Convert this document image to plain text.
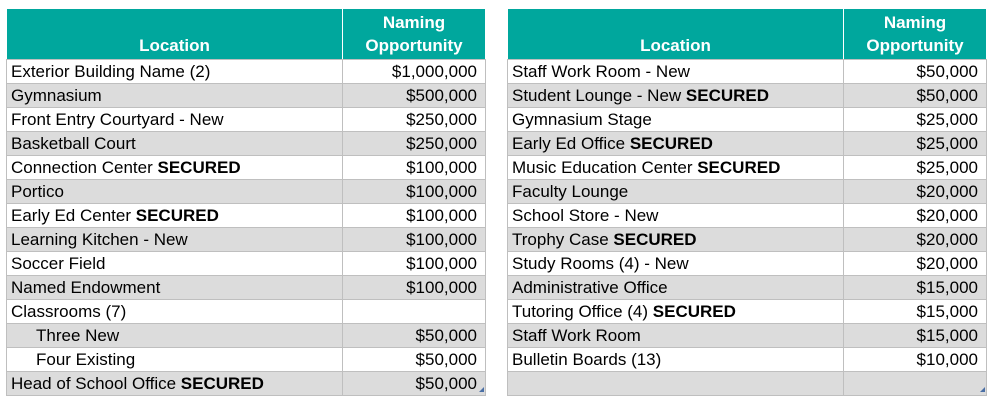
Location	Naming
Opportunity
Exterior Building Name (2)	$1,000,000
Gymnasium	$500,000
Front Entry Courtyard - New	$250,000
Basketball Court	$250,000
Connection Center SECURED	$100,000
Portico	$100,000
Early Ed Center SECURED	$100,000
Learning Kitchen - New	$100,000
Soccer Field	$100,000
Named Endowment	$100,000
Classrooms (7)	
Three New	$50,000
Four Existing	$50,000
Head of School Office SECURED	$50,000
Location	Naming
Opportunity
Staff Work Room - New	$50,000
Student Lounge - New SECURED	$50,000
Gymnasium Stage	$25,000
Early Ed Office SECURED	$25,000
Music Education Center SECURED	$25,000
Faculty Lounge	$20,000
School Store - New	$20,000
Trophy Case SECURED	$20,000
Study Rooms (4) - New	$20,000
Administrative Office	$15,000
Tutoring Office (4) SECURED	$15,000
Staff Work Room	$15,000
Bulletin Boards (13)	$10,000
